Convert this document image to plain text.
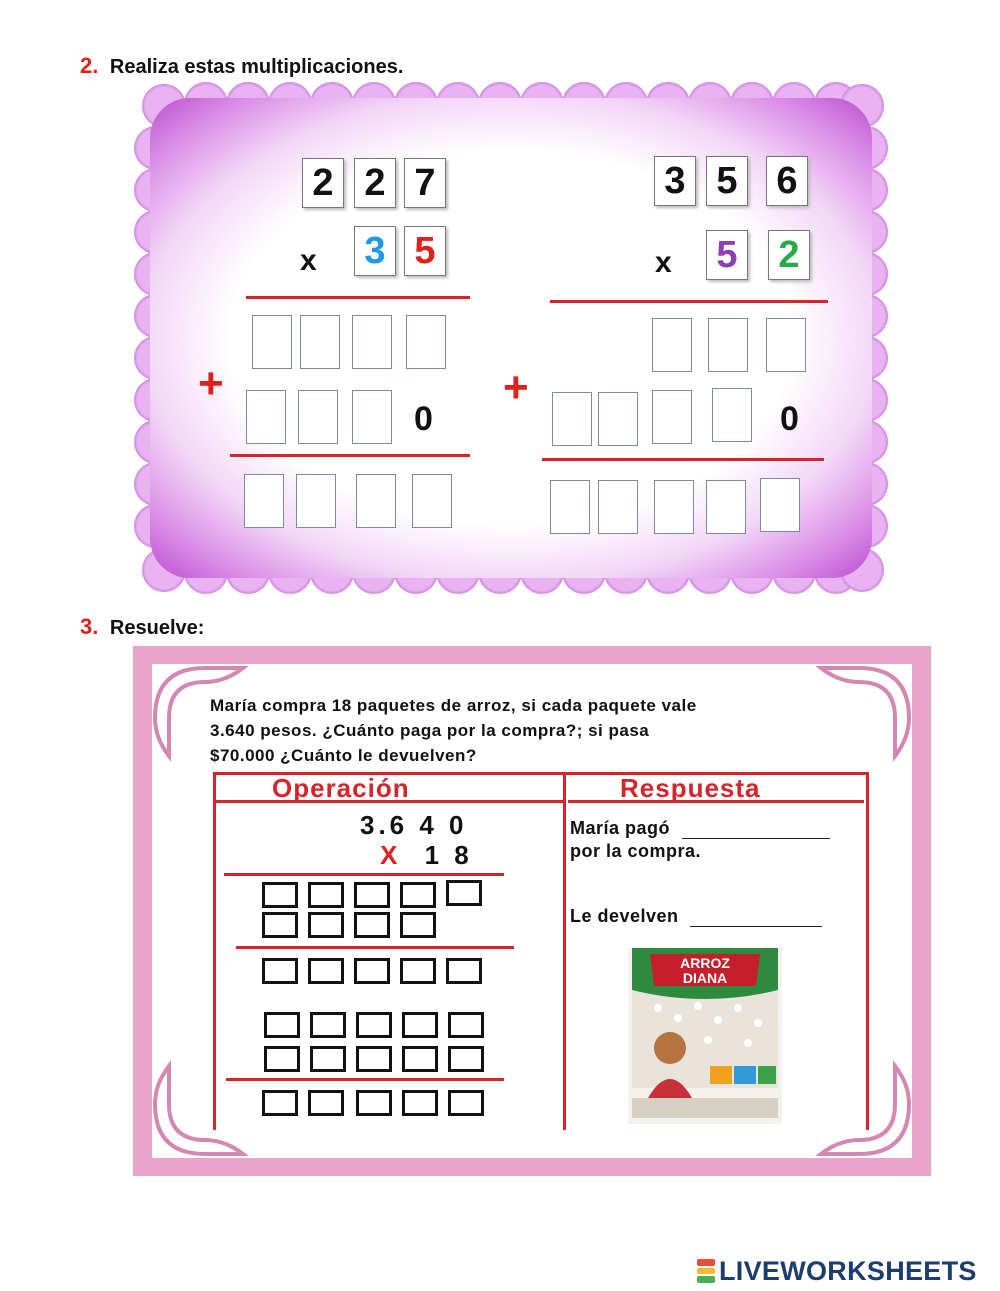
2. Realiza estas multiplicaciones.
2 2 7
x 3 5
+
0
3 5 6
x 5 2
+
0
3. Resuelve:

María compra 18 paquetes de arroz, si cada paquete vale

3.640 pesos. ¿Cuánto paga por la compra?; si pasa

$70.000 ¿Cuánto le devuelven?

Operación	Respuesta
3.6 4 0
X 1 8
María pagó
por la compra.
Le develven
ARROZ
DIANA
LIVEWORKSHEETS
